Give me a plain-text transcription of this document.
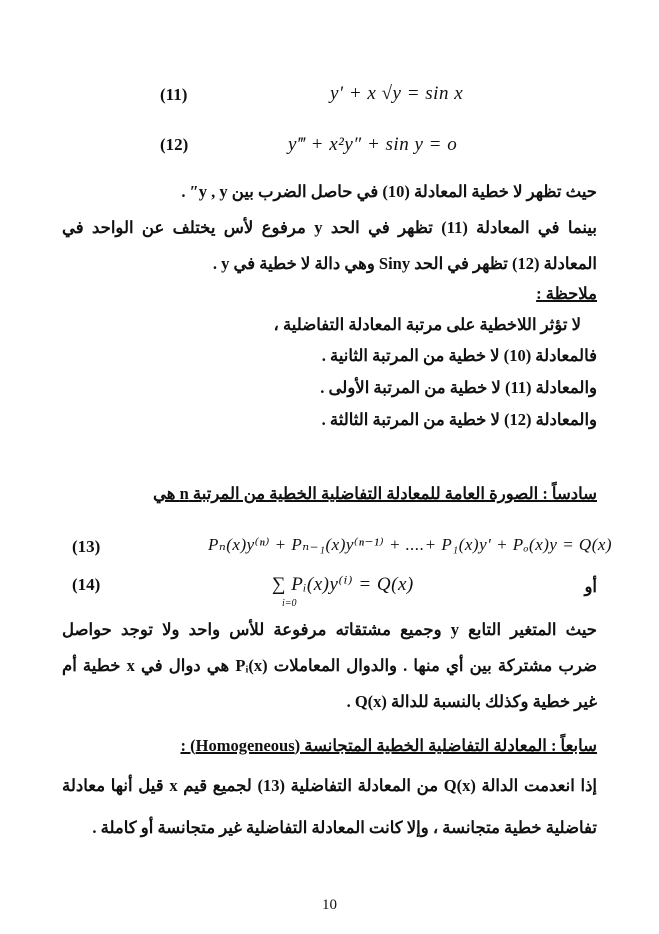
(11)	y′ + x √y = sin x
(12)	y‴ + x²y″ + sin y = o
حيث تظهر لا خطية المعادلة (10) في حاصل الضرب بين y , y″ .
بينما في المعادلة (11) تظهر في الحد y مرفوع لأس يختلف عن الواحد في
المعادلة (12) تظهر في الحد Siny وهي دالة لا خطية في y .
ملاحظة :
لا تؤثر اللاخطية على مرتبة المعادلة التفاضلية ،
فالمعادلة (10) لا خطية من المرتبة الثانية .
والمعادلة (11) لا خطية من المرتبة الأولى .
والمعادلة (12) لا خطية من المرتبة الثالثة .
سادساً : الصورة العامة للمعادلة التفاضلية الخطية من المرتبة n هي
(13)	Pₙ(x)y⁽ⁿ⁾ + Pₙ₋₁(x)y⁽ⁿ⁻¹⁾ + ....+ P₁(x)y′ + Pₒ(x)y = Q(x)
(14)	∑ Pᵢ(x)y⁽ⁱ⁾ = Q(x)
i=0
أو
حيث المتغير التابع y وجميع مشتقاته مرفوعة للأس واحد ولا توجد حواصل
ضرب مشتركة بين أي منها . والدوال المعاملات Pᵢ(x) هي دوال في x خطية أم
غير خطية وكذلك بالنسبة للدالة Q(x) .
سابعاً : المعادلة التفاضلية الخطية المتجانسة (Homogeneous) :
إذا انعدمت الدالة Q(x) من المعادلة التفاضلية (13) لجميع قيم x قيل أنها معادلة
تفاضلية خطية متجانسة ، وإلا كانت المعادلة التفاضلية غير متجانسة أو كاملة .
10
